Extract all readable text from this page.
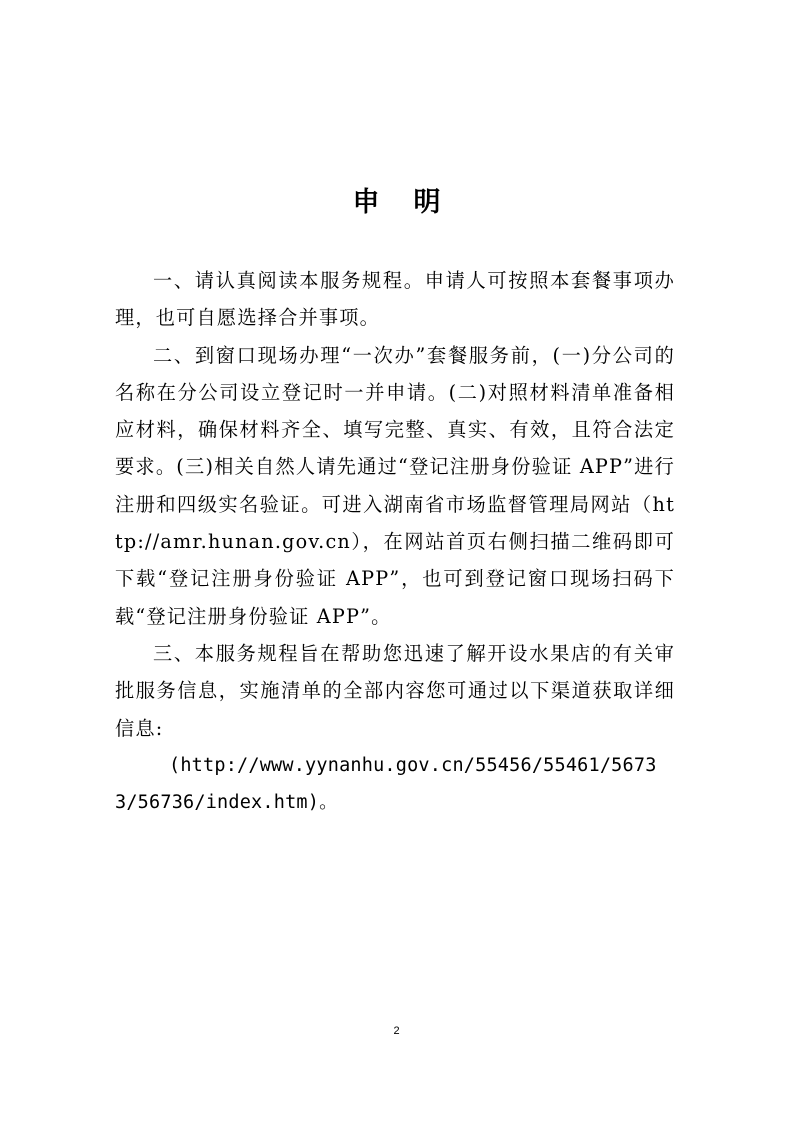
申明

一、请认真阅读本服务规程。申请人可按照本套餐事项办理，也可自愿选择合并事项。

二、到窗口现场办理“一次办”套餐服务前，(一)分公司的名称在分公司设立登记时一并申请。(二)对照材料清单准备相应材料，确保材料齐全、填写完整、真实、有效，且符合法定要求。(三)相关自然人请先通过“登记注册身份验证 APP”进行注册和四级实名验证。可进入湖南省市场监督管理局网站（http://amr.hunan.gov.cn），在网站首页右侧扫描二维码即可下载“登记注册身份验证 APP”，也可到登记窗口现场扫码下载“登记注册身份验证 APP”。

三、本服务规程旨在帮助您迅速了解开设水果店的有关审批服务信息，实施清单的全部内容您可通过以下渠道获取详细信息:

(http://www.yynanhu.gov.cn/55456/55461/56733/56736/index.htm)。

2
